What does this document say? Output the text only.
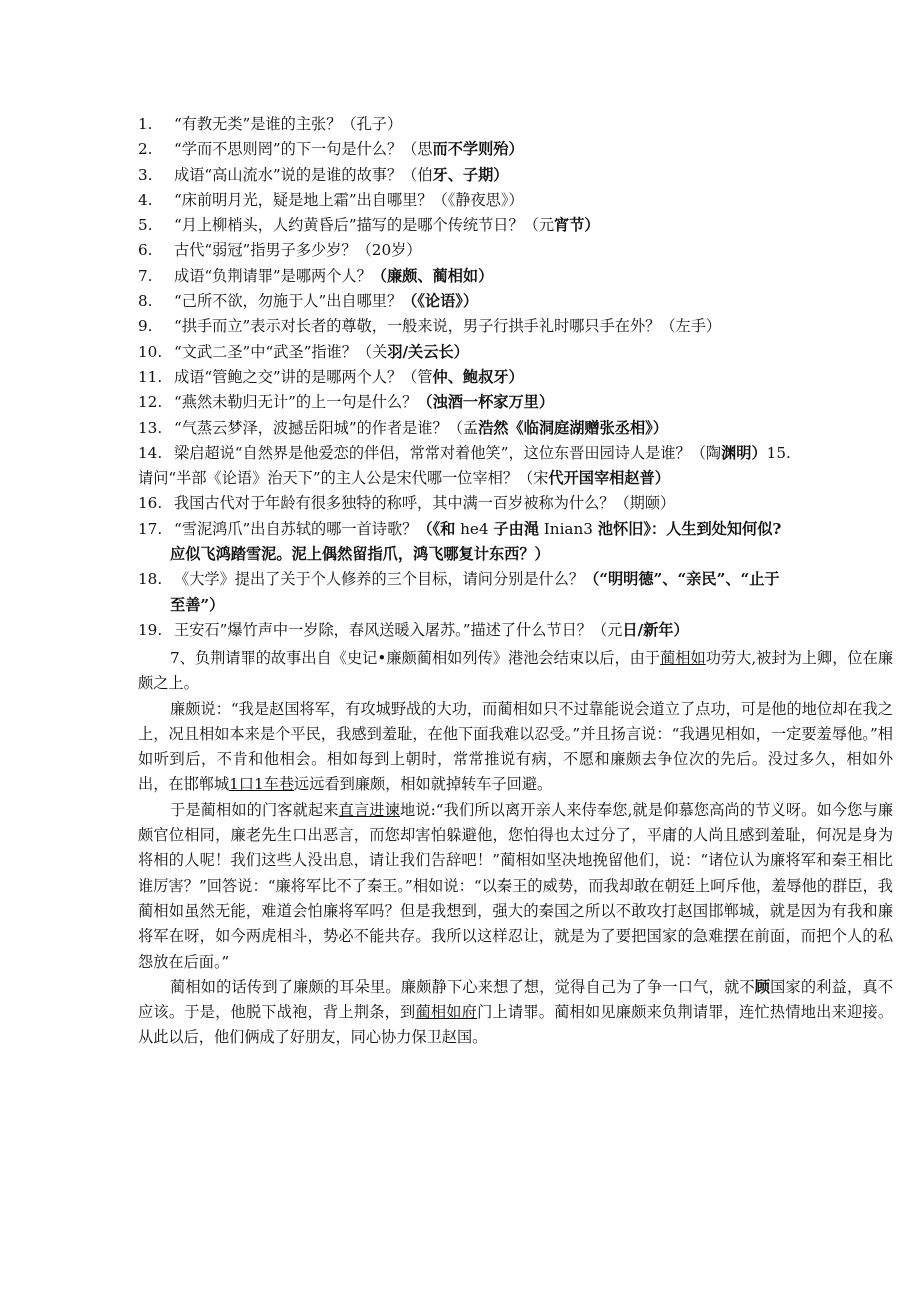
1.	“有教无类”是谁的主张？（孔子）
2.	“学而不思则罔”的下一句是什么？（思而不学则殆）
3.	成语“高山流水”说的是谁的故事？（伯牙、子期）
4.	“床前明月光，疑是地上霜”出自哪里？（《静夜思》）
5.	“月上柳梢头，人约黄昏后”描写的是哪个传统节日？（元宵节）
6.	古代“弱冠”指男子多少岁？（20岁）
7.	成语“负荆请罪”是哪两个人？（廉颇、蔺相如）
8.	“己所不欲，勿施于人”出自哪里？（《论语》）
9.	“拱手而立”表示对长者的尊敬，一般来说，男子行拱手礼时哪只手在外？（左手）
10. “文武二圣”中“武圣”指谁？（关羽/关云长）
11. 成语“管鲍之交”讲的是哪两个人？（管仲、鲍叔牙）
12. “燕然未勒归无计”的上一句是什么？（浊酒一杯家万里）
13. “气蒸云梦泽，波撼岳阳城”的作者是谁？（孟浩然《临洞庭湖赠张丞相》）
14. 梁启超说“自然界是他爱恋的伴侣，常常对着他笑”，这位东晋田园诗人是谁？（陶渊明）15.
请问“半部《论语》治天下”的主人公是宋代哪一位宰相？（宋代开国宰相赵普）
16. 我国古代对于年龄有很多独特的称呼，其中满一百岁被称为什么？（期颐）
17. “雪泥鸿爪”出自苏轼的哪一首诗歌？（《和 he4 子由渑 Inian3 池怀旧》：人生到处知何似?
应似飞鸿踏雪泥。泥上偶然留指爪，鸿飞哪复计东西？）
18. 《大学》提出了关于个人修养的三个目标，请问分别是什么？（“明明德”、“亲民”、“止于
至善”）
19. 王安石”爆竹声中一岁除，春风送暖入屠苏。”描述了什么节日？（元日/新年）

7、负荆请罪的故事出自《史记•廉颇蔺相如列传》港池会结束以后，由于蔺相如功劳大,被封为上卿，位在廉颇之上。

廉颇说：“我是赵国将军，有攻城野战的大功，而蔺相如只不过靠能说会道立了点功，可是他的地位却在我之上，况且相如本来是个平民，我感到羞耻，在他下面我难以忍受。”并且扬言说：“我遇见相如，一定要羞辱他。”相如听到后，不肯和他相会。相如每到上朝时，常常推说有病，不愿和廉颇去争位次的先后。没过多久，相如外出，在邯郸城1口1车巷远远看到廉颇，相如就掉转车子回避。

于是蔺相如的门客就起来直言进谏地说:“我们所以离开亲人来侍奉您,就是仰慕您高尚的节义呀。如今您与廉颇官位相同，廉老先生口出恶言，而您却害怕躲避他，您怕得也太过分了，平庸的人尚且感到羞耻，何况是身为将相的人呢！我们这些人没出息，请让我们告辞吧！”蔺相如坚决地挽留他们，说：“诸位认为廉将军和秦王相比谁厉害？”回答说：“廉将军比不了秦王。”相如说：“以秦王的威势，而我却敢在朝廷上呵斥他，羞辱他的群臣，我蔺相如虽然无能，难道会怕廉将军吗？但是我想到，强大的秦国之所以不敢攻打赵国邯郸城，就是因为有我和廉将军在呀，如今两虎相斗，势必不能共存。我所以这样忍让，就是为了要把国家的急难摆在前面，而把个人的私怨放在后面。”

蔺相如的话传到了廉颇的耳朵里。廉颇静下心来想了想，觉得自己为了争一口气，就不顾国家的利益，真不应该。于是，他脱下战袍，背上荆条，到蔺相如府门上请罪。蔺相如见廉颇来负荆请罪，连忙热情地出来迎接。从此以后，他们俩成了好朋友，同心协力保卫赵国。
